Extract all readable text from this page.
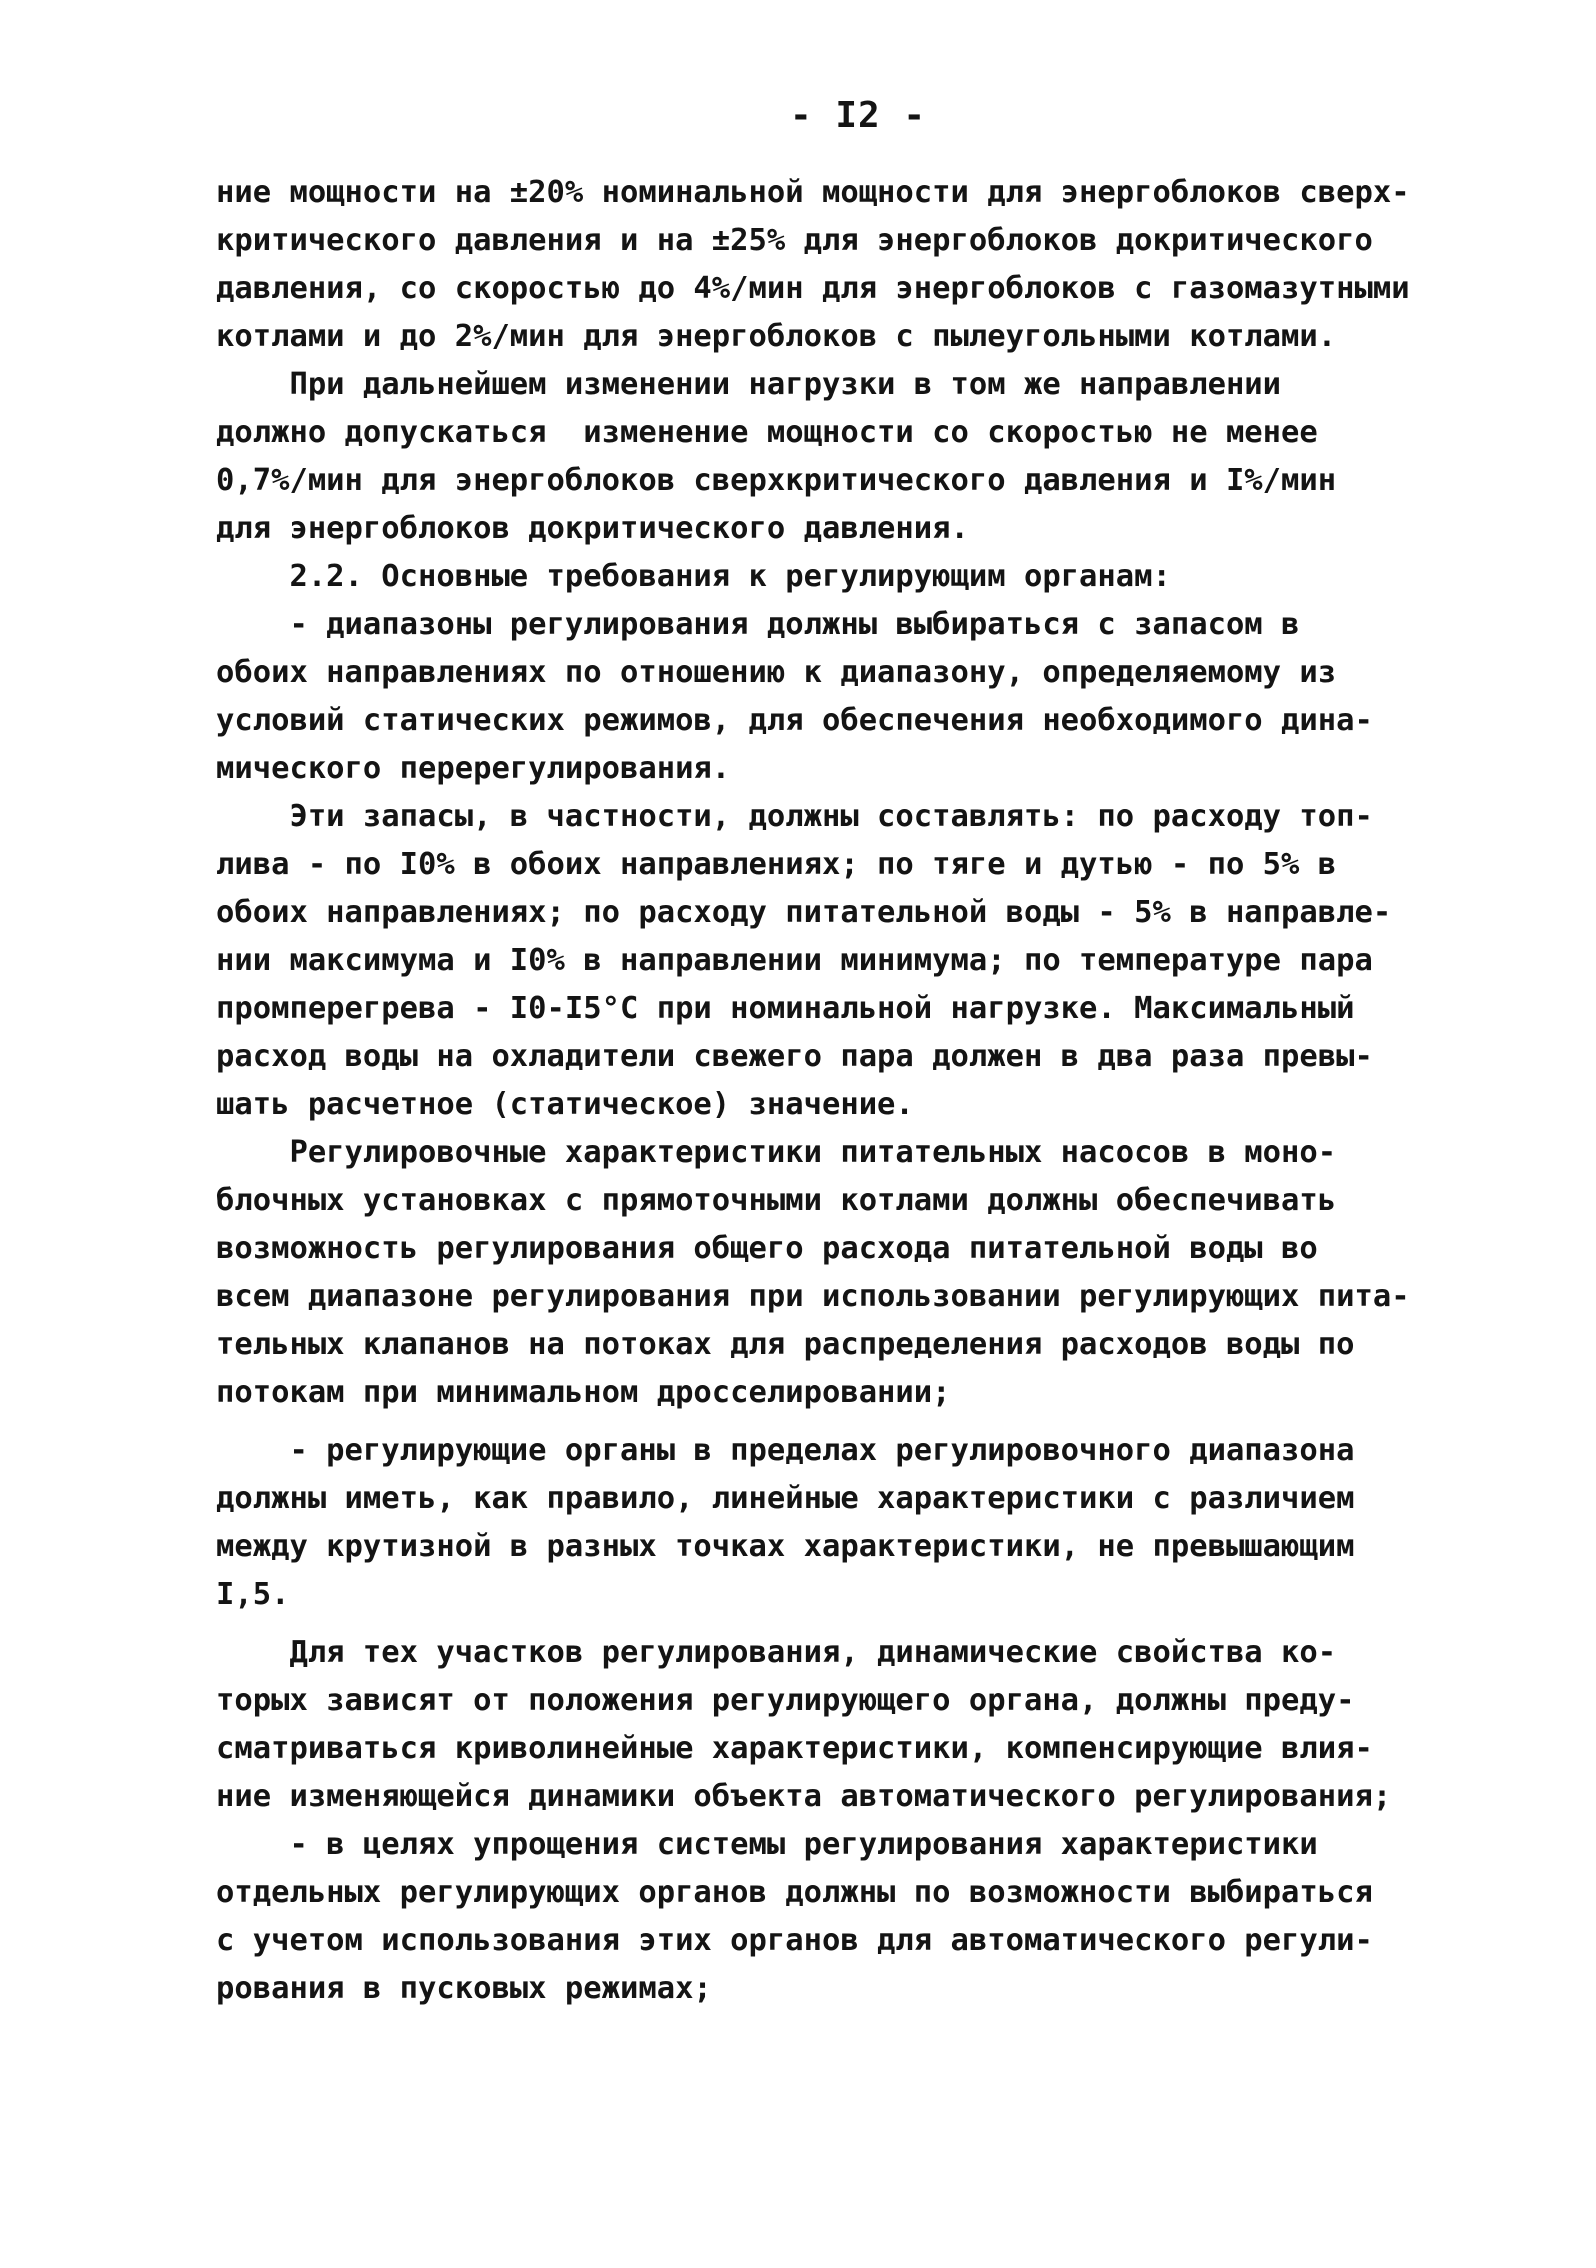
- I2 -
ние мощности на ±20% номинальной мощности для энергоблоков сверх-
критического давления и на ±25% для энергоблоков докритического
давления, со скоростью до 4%/мин для энергоблоков с газомазутными
котлами и до 2%/мин для энергоблоков с пылеугольными котлами.
При дальнейшем изменении нагрузки в том же направлении
должно допускаться  изменение мощности со скоростью не менее
0,7%/мин для энергоблоков сверхкритического давления и I%/мин
для энергоблоков докритического давления.
2.2. Основные требования к регулирующим органам:
- диапазоны регулирования должны выбираться с запасом в
обоих направлениях по отношению к диапазону, определяемому из
условий статических режимов, для обеспечения необходимого дина-
мического перерегулирования.
Эти запасы, в частности, должны составлять: по расходу топ-
лива - по I0% в обоих направлениях; по тяге и дутью - по 5% в
обоих направлениях; по расходу питательной воды - 5% в направле-
нии максимума и I0% в направлении минимума; по температуре пара
промперегрева - I0-I5°С при номинальной нагрузке. Максимальный
расход воды на охладители свежего пара должен в два раза превы-
шать расчетное (статическое) значение.
Регулировочные характеристики питательных насосов в моно-
блочных установках с прямоточными котлами должны обеспечивать
возможность регулирования общего расхода питательной воды во
всем диапазоне регулирования при использовании регулирующих пита-
тельных клапанов на потоках для распределения расходов воды по
потокам при минимальном дросселировании;
- регулирующие органы в пределах регулировочного диапазона
должны иметь, как правило, линейные характеристики с различием
между крутизной в разных точках характеристики, не превышающим
I,5.
Для тех участков регулирования, динамические свойства ко-
торых зависят от положения регулирующего органа, должны преду-
сматриваться криволинейные характеристики, компенсирующие влия-
ние изменяющейся динамики объекта автоматического регулирования;
- в целях упрощения системы регулирования характеристики
отдельных регулирующих органов должны по возможности выбираться
с учетом использования этих органов для автоматического регули-
рования в пусковых режимах;
